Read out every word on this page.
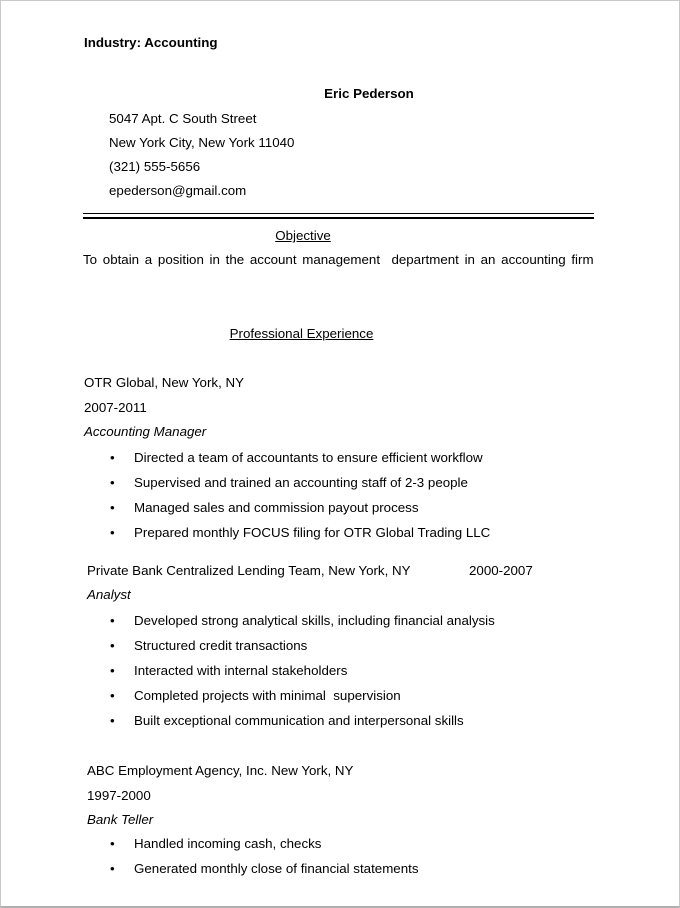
Industry: Accounting
Eric Pederson
5047 Apt. C South Street
New York City, New York 11040
(321) 555-5656
epederson@gmail.com
Objective
To obtain a position in the account management  department in an accounting firm
Professional Experience
OTR Global, New York, NY
2007-2011
Accounting Manager
• Directed a team of accountants to ensure efficient workflow
• Supervised and trained an accounting staff of 2-3 people
• Managed sales and commission payout process
• Prepared monthly FOCUS filing for OTR Global Trading LLC
Private Bank Centralized Lending Team, New York, NY	2000-2007
Analyst
• Developed strong analytical skills, including financial analysis
• Structured credit transactions
• Interacted with internal stakeholders
• Completed projects with minimal  supervision
• Built exceptional communication and interpersonal skills
ABC Employment Agency, Inc. New York, NY
1997-2000
Bank Teller
• Handled incoming cash, checks
• Generated monthly close of financial statements
